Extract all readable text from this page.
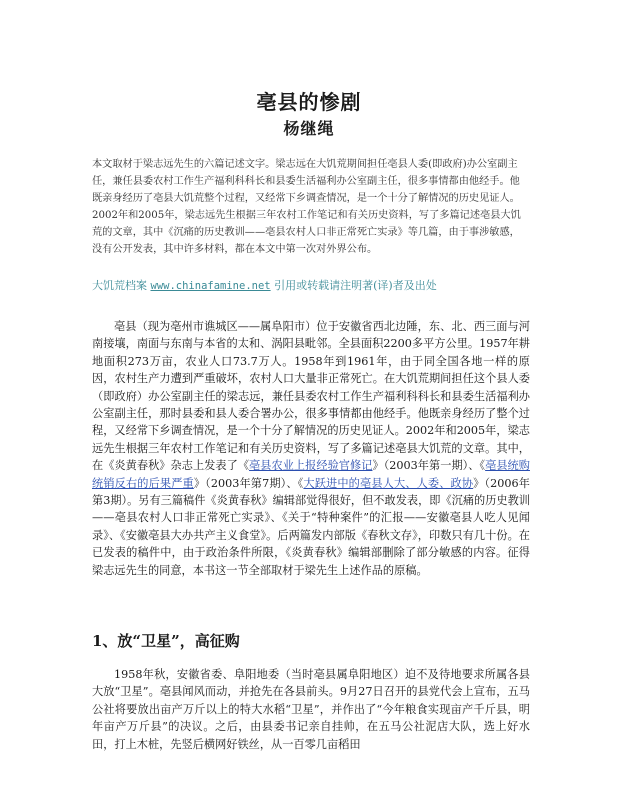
亳县的惨剧
杨继绳

本文取材于梁志远先生的六篇记述文字。梁志远在大饥荒期间担任亳县人委(即政府)办公室副主任，兼任县委农村工作生产福利科科长和县委生活福利办公室副主任，很多事情都由他经手。他既亲身经历了亳县大饥荒整个过程，又经常下乡调查情况，是一个十分了解情况的历史见证人。2002年和2005年，梁志远先生根据三年农村工作笔记和有关历史资料，写了多篇记述亳县大饥荒的文章，其中《沉痛的历史教训——亳县农村人口非正常死亡实录》等几篇，由于事涉敏感，没有公开发表，其中许多材料，都在本文中第一次对外界公布。

大饥荒档案 www.chinafamine.net 引用或转载请注明著(译)者及出处

亳县（现为亳州市谯城区——属阜阳市）位于安徽省西北边陲，东、北、西三面与河南接壤，南面与东南与本省的太和、涡阳县毗邻。全县面积2200多平方公里。1957年耕地面积273万亩，农业人口73.7万人。1958年到1961年，由于同全国各地一样的原因，农村生产力遭到严重破坏，农村人口大量非正常死亡。在大饥荒期间担任这个县人委（即政府）办公室副主任的梁志远，兼任县委农村工作生产福利科科长和县委生活福利办公室副主任，那时县委和县人委合署办公，很多事情都由他经手。他既亲身经历了整个过程，又经常下乡调查情况，是一个十分了解情况的历史见证人。2002年和2005年，梁志远先生根据三年农村工作笔记和有关历史资料，写了多篇记述亳县大饥荒的文章。其中，在《炎黄春秋》杂志上发表了《亳县农业上报经验官修记》（2003年第一期）、《亳县统购统销反右的后果严重》（2003年第7期）、《大跃进中的亳县人大、人委、政协》（2006年第3期）。另有三篇稿件《炎黄春秋》编辑部觉得很好，但不敢发表，即《沉痛的历史教训——亳县农村人口非正常死亡实录》、《关于“特种案件”的汇报——安徽亳县人吃人见闻录》、《安徽亳县大办共产主义食堂》。后两篇发内部版《春秋文存》，印数只有几十份。在已发表的稿件中，由于政治条件所限，《炎黄春秋》编辑部删除了部分敏感的内容。征得梁志远先生的同意，本书这一节全部取材于梁先生上述作品的原稿。

1、放“卫星”，高征购

1958年秋，安徽省委、阜阳地委（当时亳县属阜阳地区）迫不及待地要求所属各县大放“卫星”。亳县闻风而动，并抢先在各县前头。9月27日召开的县党代会上宣布，五马公社将要放出亩产万斤以上的特大水稻“卫星”，并作出了“今年粮食实现亩产千斤县，明年亩产万斤县”的决议。之后，由县委书记亲自挂帅，在五马公社泥店大队，选上好水田，打上木桩，先竖后横网好铁丝，从一百零几亩稻田
